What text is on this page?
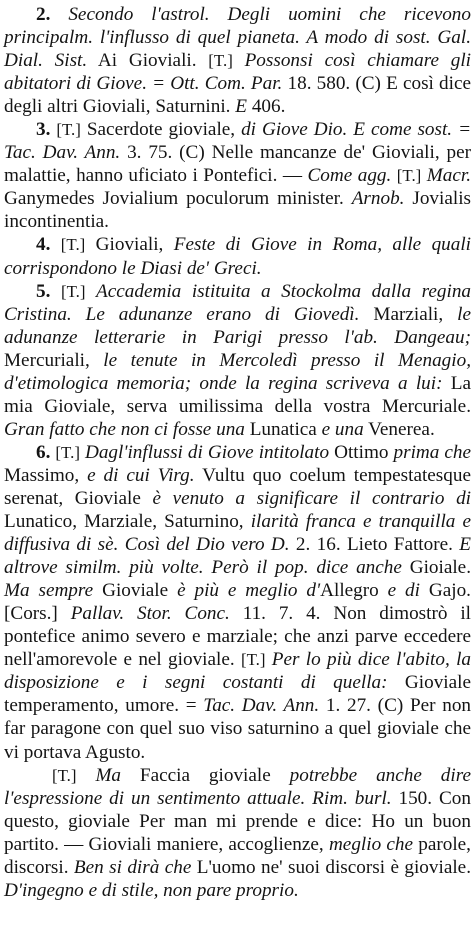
2. Secondo l'astrol. Degli uomini che ricevono principalm. l'influsso di quel pianeta. A modo di sost. Gal. Dial. Sist. Ai Gioviali. [T.] Possonsi così chiamare gli abitatori di Giove. = Ott. Com. Par. 18. 580. (C) E così dice degli altri Gioviali, Saturnini. E 406.

3. [T.] Sacerdote gioviale, di Giove Dio. E come sost. = Tac. Dav. Ann. 3. 75. (C) Nelle mancanze de' Gioviali, per malattie, hanno uficiato i Pontefici. — Come agg. [T.] Macr. Ganymedes Jovialium poculorum minister. Arnob. Jovialis incontinentia.

4. [T.] Gioviali, Feste di Giove in Roma, alle quali corrispondono le Diasi de' Greci.

5. [T.] Accademia istituita a Stockolma dalla regina Cristina. Le adunanze erano di Giovedì. Marziali, le adunanze letterarie in Parigi presso l'ab. Dangeau; Mercuriali, le tenute in Mercoledì presso il Menagio, d'etimologica memoria; onde la regina scriveva a lui: La mia Gioviale, serva umilissima della vostra Mercuriale. Gran fatto che non ci fosse una Lunatica e una Venerea.

6. [T.] Dagl'influssi di Giove intitolato Ottimo prima che Massimo, e di cui Virg. Vultu quo coelum tempestatesque serenat, Gioviale è venuto a significare il contrario di Lunatico, Marziale, Saturnino, ilarità franca e tranquilla e diffusiva di sè. Così del Dio vero D. 2. 16. Lieto Fattore. E altrove similm. più volte. Però il pop. dice anche Gioiale. Ma sempre Gioviale è più e meglio d'Allegro e di Gajo. [Cors.] Pallav. Stor. Conc. 11. 7. 4. Non dimostrò il pontefice animo severo e marziale; che anzi parve eccedere nell'amorevole e nel gioviale. [T.] Per lo più dice l'abito, la disposizione e i segni costanti di quella: Gioviale temperamento, umore. = Tac. Dav. Ann. 1. 27. (C) Per non far paragone con quel suo viso saturnino a quel gioviale che vi portava Agusto.

[T.] Ma Faccia gioviale potrebbe anche dire l'espressione di un sentimento attuale. Rim. burl. 150. Con questo, gioviale Per man mi prende e dice: Ho un buon partito. — Gioviali maniere, accoglienze, meglio che parole, discorsi. Ben si dirà che L'uomo ne' suoi discorsi è gioviale. D'ingegno e di stile, non pare proprio.
